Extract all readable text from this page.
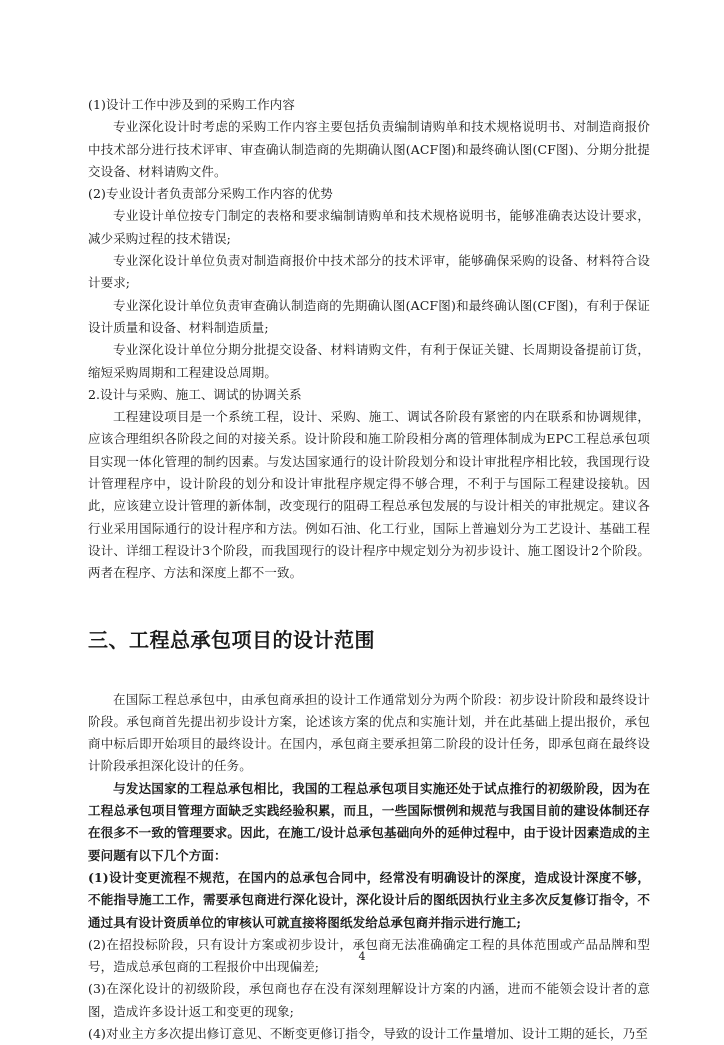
(1)设计工作中涉及到的采购工作内容

专业深化设计时考虑的采购工作内容主要包括负责编制请购单和技术规格说明书、对制造商报价中技术部分进行技术评审、审查确认制造商的先期确认图(ACF图)和最终确认图(CF图)、分期分批提交设备、材料请购文件。

(2)专业设计者负责部分采购工作内容的优势

专业设计单位按专门制定的表格和要求编制请购单和技术规格说明书，能够准确表达设计要求，减少采购过程的技术错误;

专业深化设计单位负责对制造商报价中技术部分的技术评审，能够确保采购的设备、材料符合设计要求;

专业深化设计单位负责审查确认制造商的先期确认图(ACF图)和最终确认图(CF图)，有利于保证设计质量和设备、材料制造质量;

专业深化设计单位分期分批提交设备、材料请购文件，有利于保证关键、长周期设备提前订货，缩短采购周期和工程建设总周期。

2.设计与采购、施工、调试的协调关系

工程建设项目是一个系统工程，设计、采购、施工、调试各阶段有紧密的内在联系和协调规律，应该合理组织各阶段之间的对接关系。设计阶段和施工阶段相分离的管理体制成为EPC工程总承包项目实现一体化管理的制约因素。与发达国家通行的设计阶段划分和设计审批程序相比较，我国现行设计管理程序中，设计阶段的划分和设计审批程序规定得不够合理，不利于与国际工程建设接轨。因此，应该建立设计管理的新体制，改变现行的阻碍工程总承包发展的与设计相关的审批规定。建议各行业采用国际通行的设计程序和方法。例如石油、化工行业，国际上普遍划分为工艺设计、基础工程设计、详细工程设计3个阶段，而我国现行的设计程序中规定划分为初步设计、施工图设计2个阶段。两者在程序、方法和深度上都不一致。

三、工程总承包项目的设计范围

在国际工程总承包中，由承包商承担的设计工作通常划分为两个阶段：初步设计阶段和最终设计阶段。承包商首先提出初步设计方案，论述该方案的优点和实施计划，并在此基础上提出报价，承包商中标后即开始项目的最终设计。在国内，承包商主要承担第二阶段的设计任务，即承包商在最终设计阶段承担深化设计的任务。

与发达国家的工程总承包相比，我国的工程总承包项目实施还处于试点推行的初级阶段，因为在工程总承包项目管理方面缺乏实践经验积累，而且，一些国际惯例和规范与我国目前的建设体制还存在很多不一致的管理要求。因此，在施工/设计总承包基础向外的延伸过程中，由于设计因素造成的主要问题有以下几个方面：

(1)设计变更流程不规范，在国内的总承包合同中，经常没有明确设计的深度，造成设计深度不够，不能指导施工工作，需要承包商进行深化设计，深化设计后的图纸因执行业主多次反复修订指令，不通过具有设计资质单位的审核认可就直接将图纸发给总承包商并指示进行施工;

(2)在招投标阶段，只有设计方案或初步设计，承包商无法准确确定工程的具体范围或产品品牌和型号，造成总承包商的工程报价中出现偏差;

(3)在深化设计的初级阶段，承包商也存在没有深刻理解设计方案的内涵，进而不能领会设计者的意图，造成许多设计返工和变更的现象;

(4)对业主方多次提出修订意见、不断变更修订指令，导致的设计工作量增加、设计工期的延长，乃至

4
